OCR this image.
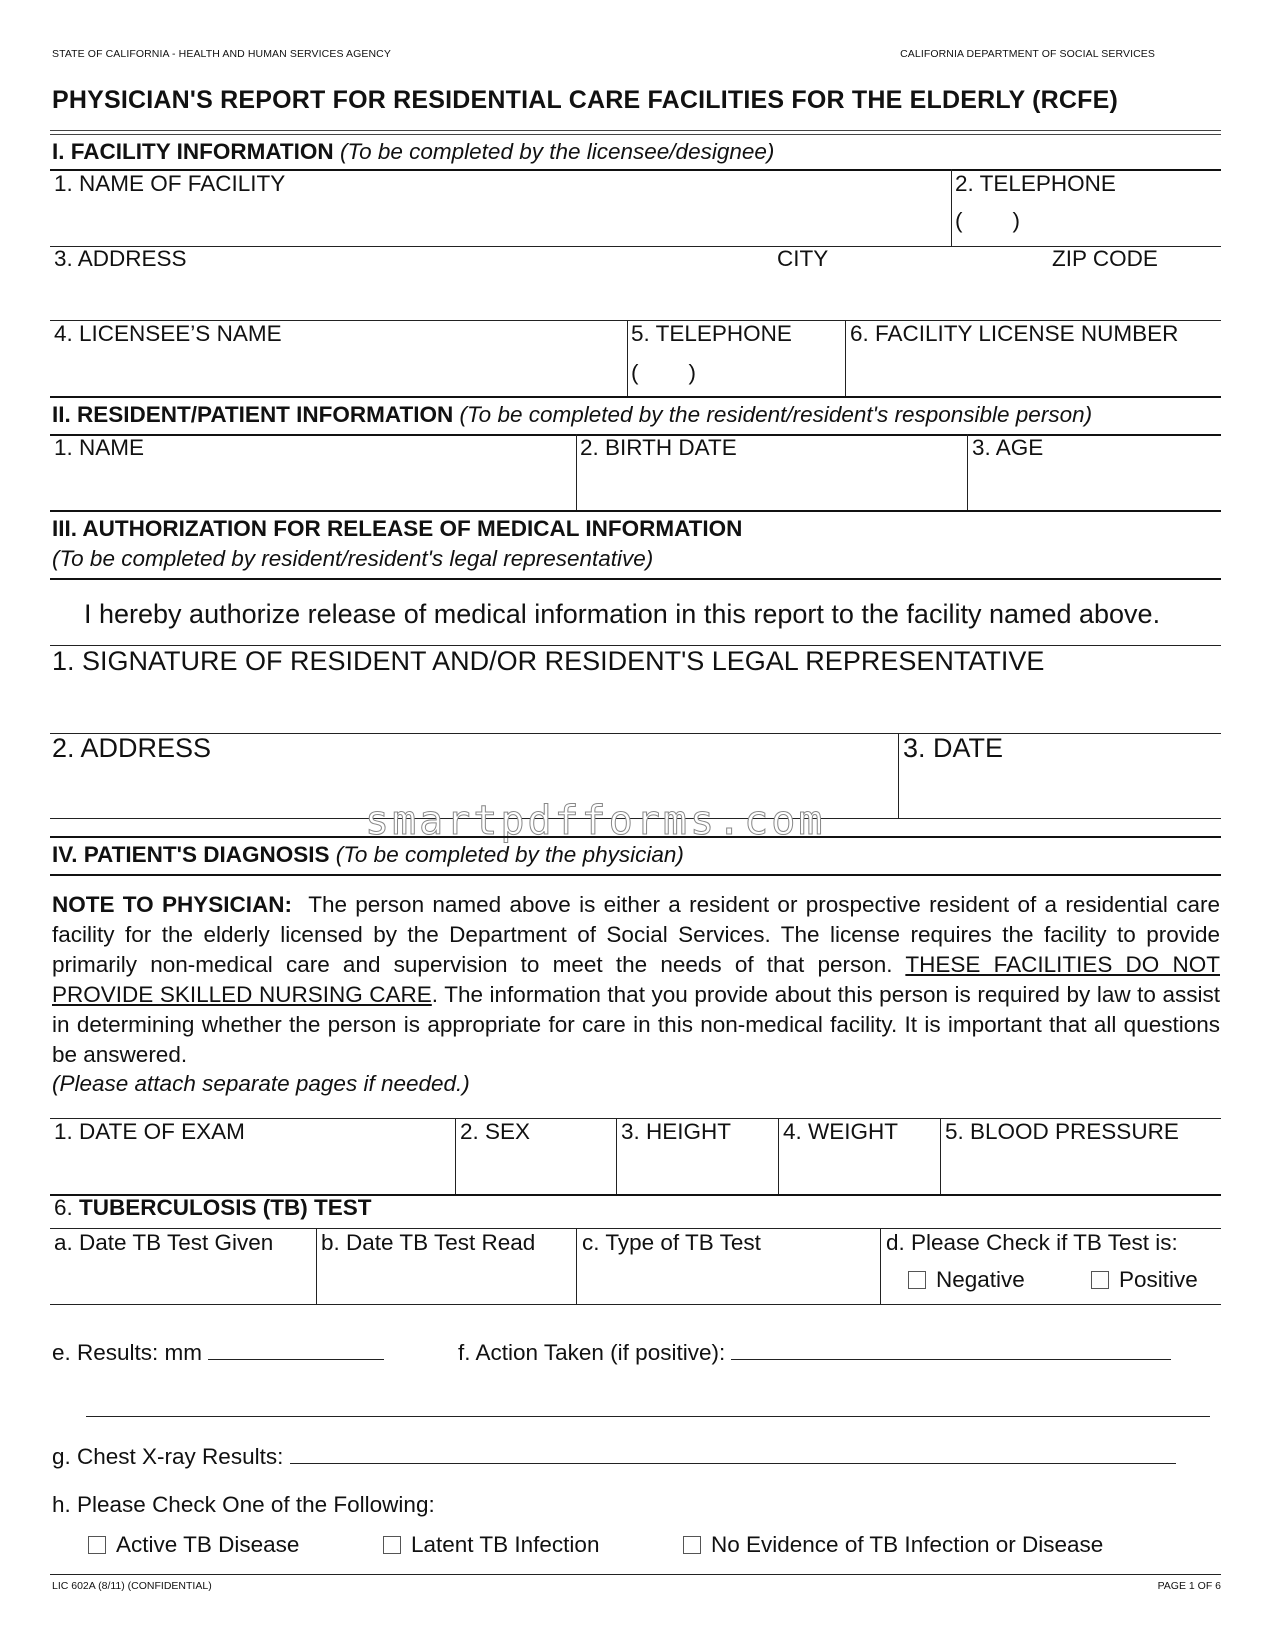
STATE OF CALIFORNIA - HEALTH AND HUMAN SERVICES AGENCY	CALIFORNIA DEPARTMENT OF SOCIAL SERVICES
PHYSICIAN'S REPORT FOR RESIDENTIAL CARE FACILITIES FOR THE ELDERLY (RCFE)
I. FACILITY INFORMATION (To be completed by the licensee/designee)
1. NAME OF FACILITY	2. TELEPHONE
(        )
3. ADDRESS	CITY	ZIP CODE
4. LICENSEE’S NAME	5. TELEPHONE
(        )
6. FACILITY LICENSE NUMBER
II. RESIDENT/PATIENT INFORMATION (To be completed by the resident/resident's responsible person)
1. NAME	2. BIRTH DATE	3. AGE
III. AUTHORIZATION FOR RELEASE OF MEDICAL INFORMATION
(To be completed by resident/resident's legal representative)
I hereby authorize release of medical information in this report to the facility named above.
1. SIGNATURE OF RESIDENT AND/OR RESIDENT'S LEGAL REPRESENTATIVE
2. ADDRESS	3. DATE
smartpdfforms.com
IV. PATIENT'S DIAGNOSIS (To be completed by the physician)
NOTE TO PHYSICIAN: The person named above is either a resident or prospective resident of a residential care facility for the elderly licensed by the Department of Social Services. The license requires the facility to provide primarily non-medical care and supervision to meet the needs of that person. THESE FACILITIES DO NOT PROVIDE SKILLED NURSING CARE. The information that you provide about this person is required by law to assist in determining whether the person is appropriate for care in this non-medical facility. It is important that all questions be answered.
(Please attach separate pages if needed.)
1. DATE OF EXAM	2. SEX	3. HEIGHT 4. WEIGHT 5. BLOOD PRESSURE
6. TUBERCULOSIS (TB) TEST
a. Date TB Test Given b. Date TB Test Read c. Type of TB Test	d. Please Check if TB Test is:
Negative	Positive
e. Results: mm	f. Action Taken (if positive):
g. Chest X-ray Results:
h. Please Check One of the Following:
Active TB Disease	Latent TB Infection	No Evidence of TB Infection or Disease
LIC 602A (8/11) (CONFIDENTIAL)	PAGE 1 OF 6
